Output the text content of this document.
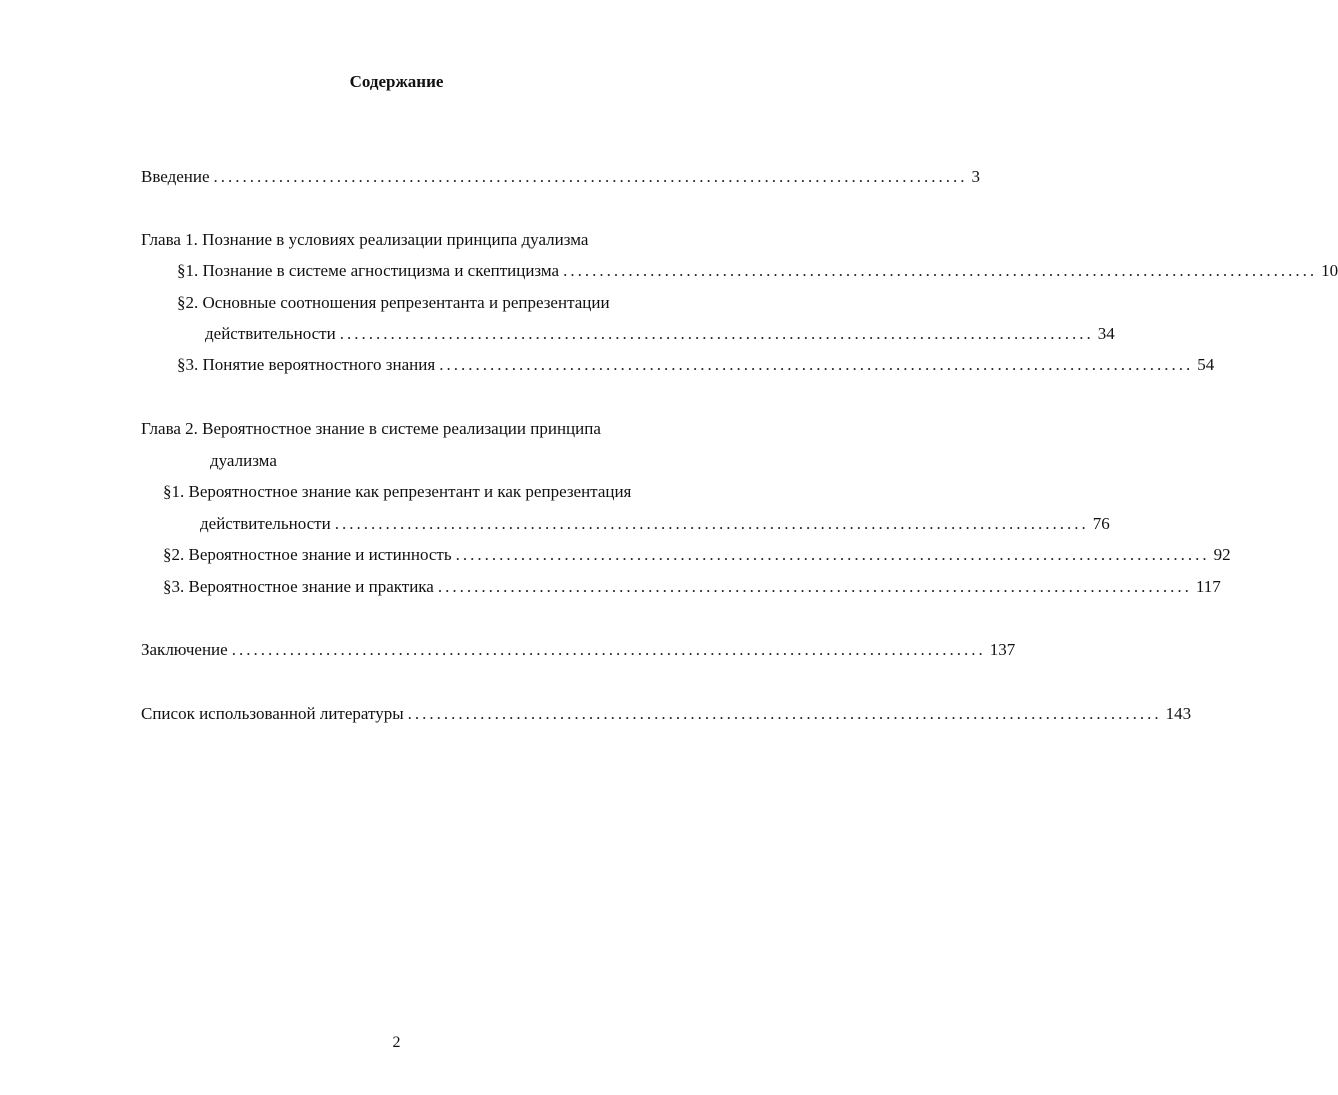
Содержание
Введение ........................................................................................................ 3
Глава 1. Познание в условиях реализации принципа дуализма
§1. Познание в системе агностицизма и скептицизма ........................................................................................................ 10
§2. Основные соотношения репрезентанта и репрезентации
действительности ........................................................................................................ 34
§3. Понятие вероятностного знания ........................................................................................................ 54
Глава 2. Вероятностное знание в системе реализации принципа
дуализма
§1. Вероятностное знание как репрезентант и как репрезентация
действительности ........................................................................................................ 76
§2. Вероятностное знание и истинность ........................................................................................................ 92
§3. Вероятностное знание и практика ........................................................................................................ 117
Заключение ........................................................................................................ 137
Список использованной литературы ........................................................................................................ 143
2
